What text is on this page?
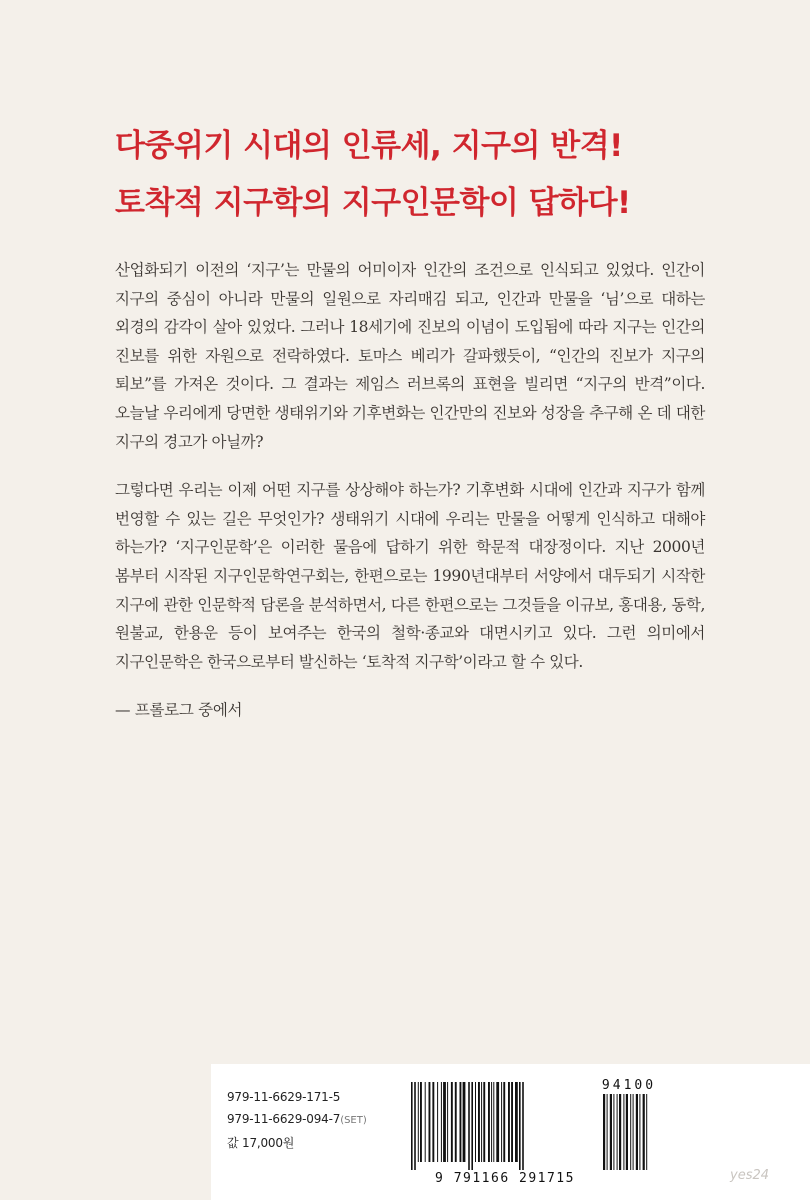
다중위기 시대의 인류세, 지구의 반격!
토착적 지구학의 지구인문학이 답하다!

산업화되기 이전의 ‘지구’는 만물의 어미이자 인간의 조건으로 인식되고 있었다. 인간이 지구의 중심이 아니라 만물의 일원으로 자리매김 되고, 인간과 만물을 ‘님’으로 대하는 외경의 감각이 살아 있었다. 그러나 18세기에 진보의 이념이 도입됨에 따라 지구는 인간의 진보를 위한 자원으로 전락하였다. 토마스 베리가 갈파했듯이, “인간의 진보가 지구의 퇴보”를 가져온 것이다. 그 결과는 제임스 러브록의 표현을 빌리면 “지구의 반격”이다. 오늘날 우리에게 당면한 생태위기와 기후변화는 인간만의 진보와 성장을 추구해 온 데 대한 지구의 경고가 아닐까?

그렇다면 우리는 이제 어떤 지구를 상상해야 하는가? 기후변화 시대에 인간과 지구가 함께 번영할 수 있는 길은 무엇인가? 생태위기 시대에 우리는 만물을 어떻게 인식하고 대해야 하는가? ‘지구인문학’은 이러한 물음에 답하기 위한 학문적 대장정이다. 지난 2000년 봄부터 시작된 지구인문학연구회는, 한편으로는 1990년대부터 서양에서 대두되기 시작한 지구에 관한 인문학적 담론을 분석하면서, 다른 한편으로는 그것들을 이규보, 홍대용, 동학, 원불교, 한용운 등이 보여주는 한국의 철학·종교와 대면시키고 있다. 그런 의미에서 지구인문학은 한국으로부터 발신하는 ‘토착적 지구학’이라고 할 수 있다.

— 프롤로그 중에서
979-11-6629-171-5
979-11-6629-094-7(SET)
값 17,000원
94100
9 791166 291715	yes24
